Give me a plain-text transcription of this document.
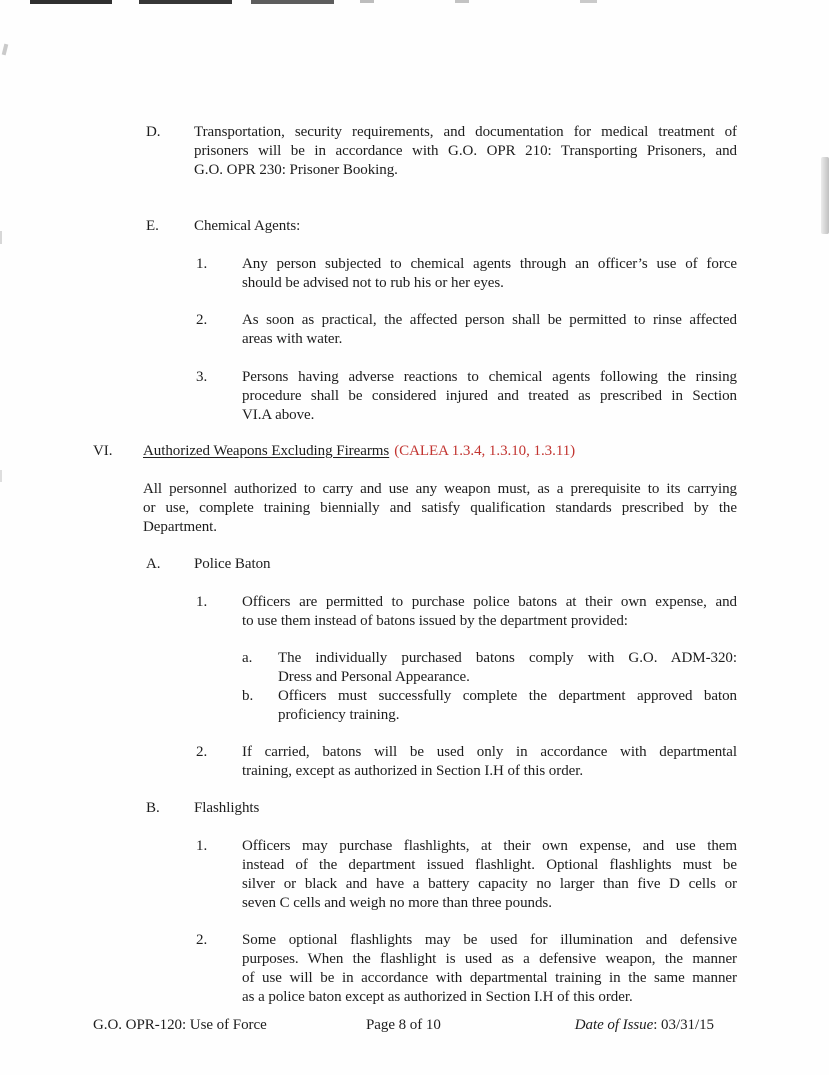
D.	Transportation, security requirements, and documentation for medical treatment of
prisoners will be in accordance with G.O. OPR 210: Transporting Prisoners, and
G.O. OPR 230: Prisoner Booking.
E.	Chemical Agents:
1.	Any person subjected to chemical agents through an officer’s use of force
should be advised not to rub his or her eyes.
2.	As soon as practical, the affected person shall be permitted to rinse affected
areas with water.
3.	Persons having adverse reactions to chemical agents following the rinsing
procedure shall be considered injured and treated as prescribed in Section
VI.A above.
VI.	Authorized Weapons Excluding Firearms (CALEA 1.3.4, 1.3.10, 1.3.11)
All personnel authorized to carry and use any weapon must, as a prerequisite to its carrying
or use, complete training biennially and satisfy qualification standards prescribed by the
Department.
A.	Police Baton
1.	Officers are permitted to purchase police batons at their own expense, and
to use them instead of batons issued by the department provided:
a.	The individually purchased batons comply with G.O. ADM-320:
Dress and Personal Appearance.
b.	Officers must successfully complete the department approved baton
proficiency training.
2.	If carried, batons will be used only in accordance with departmental
training, except as authorized in Section I.H of this order.
B.	Flashlights
1.	Officers may purchase flashlights, at their own expense, and use them
instead of the department issued flashlight. Optional flashlights must be
silver or black and have a battery capacity no larger than five D cells or
seven C cells and weigh no more than three pounds.
2.	Some optional flashlights may be used for illumination and defensive
purposes. When the flashlight is used as a defensive weapon, the manner
of use will be in accordance with departmental training in the same manner
as a police baton except as authorized in Section I.H of this order.
G.O. OPR-120: Use of Force	Page 8 of 10	Date of Issue: 03/31/15
